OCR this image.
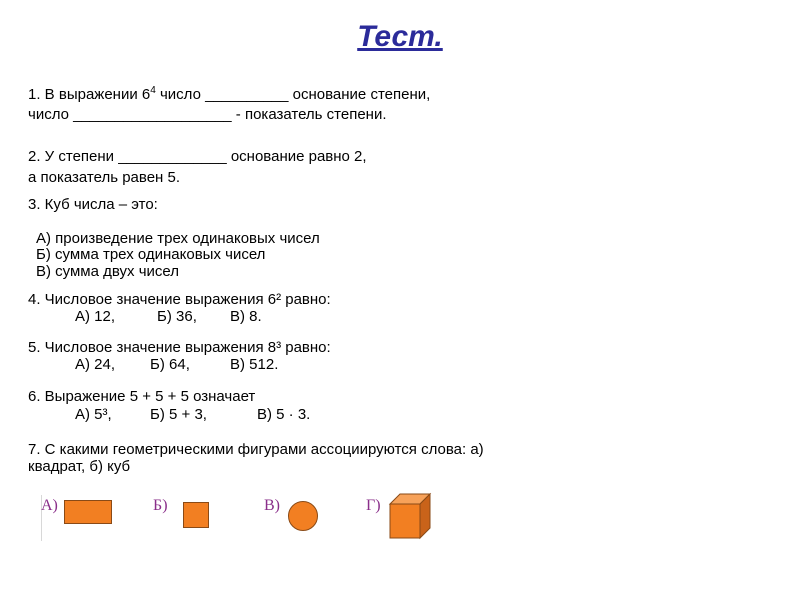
Тест.
1. В выражении $6^4$ число __________ основание степени,
число ___________________ - показатель степени.
2. У степени _____________ основание равно 2,
а показатель равен 5.
3. Куб числа – это:
А) произведение трех одинаковых чисел
Б) сумма трех одинаковых чисел
В) сумма двух чисел
4. Числовое значение выражения 6² равно:
А) 12,	Б) 36, В) 8.
5. Числовое значение выражения 8³ равно:
А) 24, Б) 64,	В) 512.
6. Выражение 5 + 5 + 5 означает
А) 5³,	Б) 5 + 3,	В) 5 · 3.
7. С какими геометрическими фигурами ассоциируются слова: а)
квадрат, б) куб
А)	Б)	В)	Г)
